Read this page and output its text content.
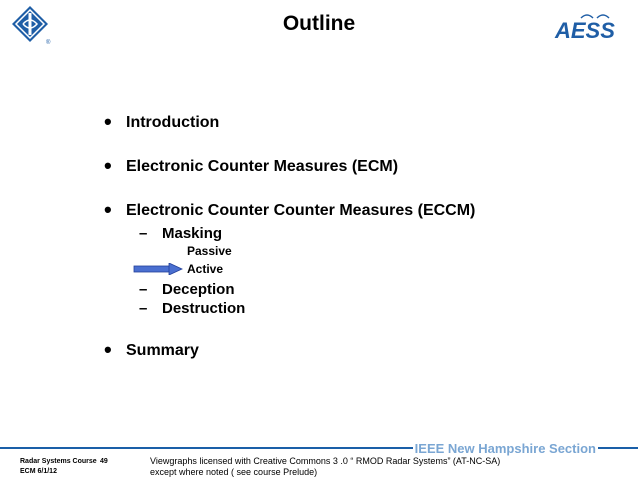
®	AESS
Outline
• Introduction
• Electronic Counter Measures (ECM)
• Electronic Counter Counter Measures (ECCM)
– Masking
Passive
Active
– Deception
– Destruction
• Summary
IEEE New Hampshire Section
Radar Systems Course 49
ECM 6/1/12
Viewgraphs licensed with Creative Commons 3 .0 “ RMOD Radar Systems” (AT-NC-SA)
except where noted ( see course Prelude)
